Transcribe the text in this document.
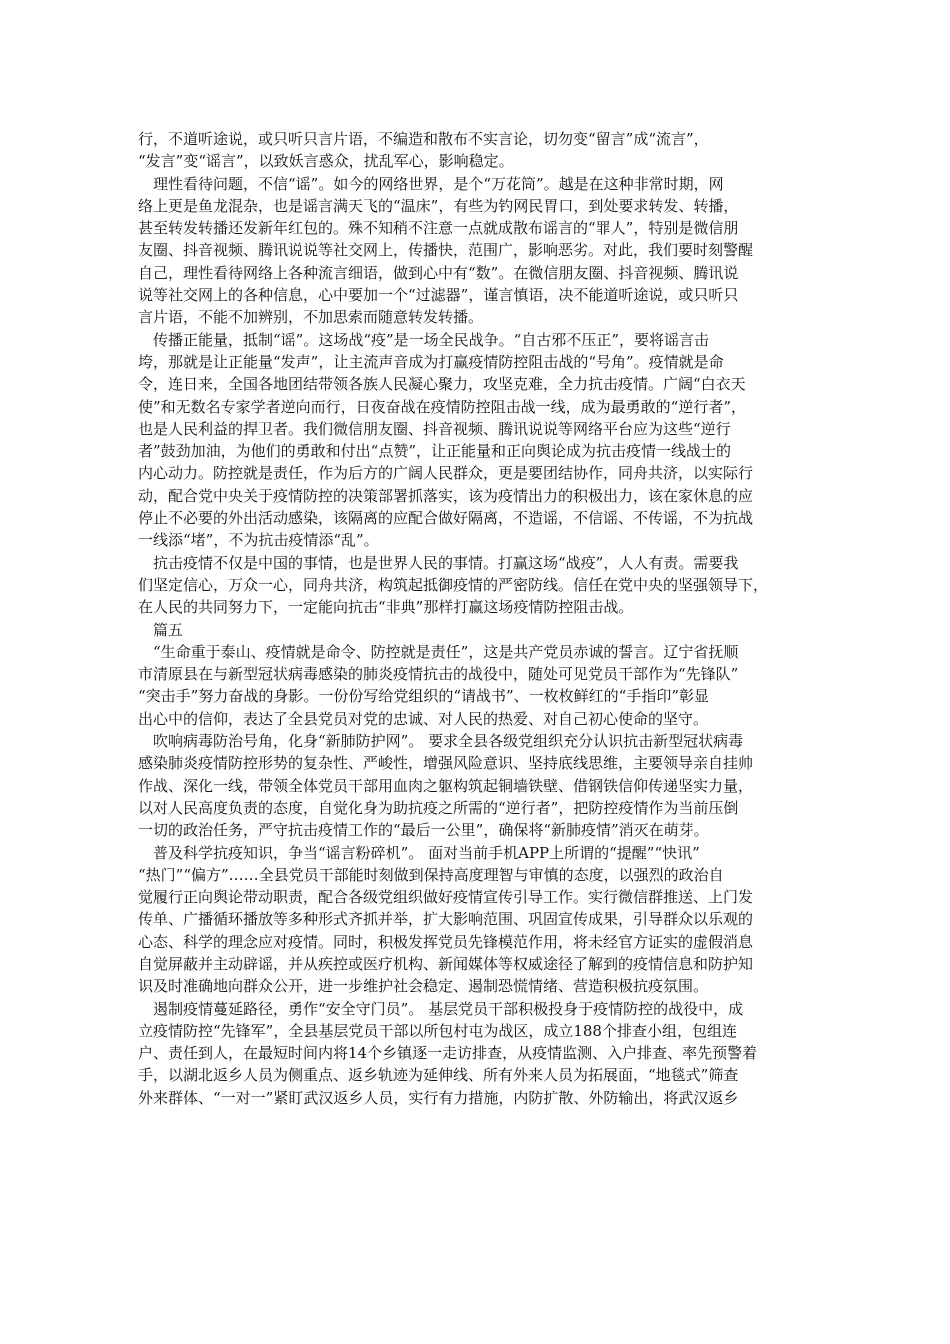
行，不道听途说，或只听只言片语，不编造和散布不实言论，切勿变“留言”成“流言”，
“发言”变“谣言”，以致妖言惑众，扰乱军心，影响稳定。
　理性看待问题，不信“谣”。如今的网络世界，是个“万花筒”。越是在这种非常时期，网
络上更是鱼龙混杂，也是谣言满天飞的“温床”，有些为钓网民胃口，到处要求转发、转播，
甚至转发转播还发新年红包的。殊不知稍不注意一点就成散布谣言的“罪人”，特别是微信朋
友圈、抖音视频、腾讯说说等社交网上，传播快，范围广，影响恶劣。对此，我们要时刻警醒
自己，理性看待网络上各种流言细语，做到心中有“数”。在微信朋友圈、抖音视频、腾讯说
说等社交网上的各种信息，心中要加一个“过滤器”，谨言慎语，决不能道听途说，或只听只
言片语，不能不加辨别，不加思索而随意转发转播。
　传播正能量，抵制“谣”。这场战“疫”是一场全民战争。“自古邪不压正”，要将谣言击
垮，那就是让正能量“发声”，让主流声音成为打赢疫情防控阻击战的“号角”。疫情就是命
令，连日来，全国各地团结带领各族人民凝心聚力，攻坚克难，全力抗击疫情。广阔“白衣天
使”和无数名专家学者逆向而行，日夜奋战在疫情防控阻击战一线，成为最勇敢的“逆行者”，
也是人民利益的捍卫者。我们微信朋友圈、抖音视频、腾讯说说等网络平台应为这些“逆行
者”鼓劲加油，为他们的勇敢和付出“点赞”，让正能量和正向舆论成为抗击疫情一线战士的
内心动力。防控就是责任，作为后方的广阔人民群众，更是要团结协作，同舟共济，以实际行
动，配合党中央关于疫情防控的决策部署抓落实，该为疫情出力的积极出力，该在家休息的应
停止不必要的外出活动感染，该隔离的应配合做好隔离，不造谣，不信谣、不传谣，不为抗战
一线添“堵”，不为抗击疫情添“乱”。
　抗击疫情不仅是中国的事情，也是世界人民的事情。打赢这场“战疫”，人人有责。需要我
们坚定信心，万众一心，同舟共济，构筑起抵御疫情的严密防线。信任在党中央的坚强领导下，
在人民的共同努力下，一定能向抗击“非典”那样打赢这场疫情防控阻击战。
　篇五
　“生命重于泰山、疫情就是命令、防控就是责任”，这是共产党员赤诚的誓言。辽宁省抚顺
市清原县在与新型冠状病毒感染的肺炎疫情抗击的战役中，随处可见党员干部作为“先锋队”
“突击手”努力奋战的身影。一份份写给党组织的“请战书”、一枚枚鲜红的“手指印”彰显
出心中的信仰，表达了全县党员对党的忠诚、对人民的热爱、对自己初心使命的坚守。
　吹响病毒防治号角，化身“新肺防护网”。 要求全县各级党组织充分认识抗击新型冠状病毒
感染肺炎疫情防控形势的复杂性、严峻性，增强风险意识、坚持底线思维，主要领导亲自挂帅
作战、深化一线，带领全体党员干部用血肉之躯构筑起铜墙铁壁、借钢铁信仰传递坚实力量，
以对人民高度负责的态度，自觉化身为助抗疫之所需的“逆行者”，把防控疫情作为当前压倒
一切的政治任务，严守抗击疫情工作的“最后一公里”，确保将“新肺疫情”消灭在萌芽。
　普及科学抗疫知识，争当“谣言粉碎机”。 面对当前手机APP上所谓的“提醒”“快讯”
“热门”“偏方”……全县党员干部能时刻做到保持高度理智与审慎的态度，以强烈的政治自
觉履行正向舆论带动职责，配合各级党组织做好疫情宣传引导工作。实行微信群推送、上门发
传单、广播循环播放等多种形式齐抓并举，扩大影响范围、巩固宣传成果，引导群众以乐观的
心态、科学的理念应对疫情。同时，积极发挥党员先锋模范作用，将未经官方证实的虚假消息
自觉屏蔽并主动辟谣，并从疾控或医疗机构、新闻媒体等权威途径了解到的疫情信息和防护知
识及时准确地向群众公开，进一步维护社会稳定、遏制恐慌情绪、营造积极抗疫氛围。
　遏制疫情蔓延路径，勇作“安全守门员”。 基层党员干部积极投身于疫情防控的战役中，成
立疫情防控“先锋军”，全县基层党员干部以所包村屯为战区，成立188个排查小组，包组连
户、责任到人，在最短时间内将14个乡镇逐一走访排查，从疫情监测、入户排查、率先预警着
手，以湖北返乡人员为侧重点、返乡轨迹为延伸线、所有外来人员为拓展面，“地毯式”筛查
外来群体、“一对一”紧盯武汉返乡人员，实行有力措施，内防扩散、外防输出，将武汉返乡
